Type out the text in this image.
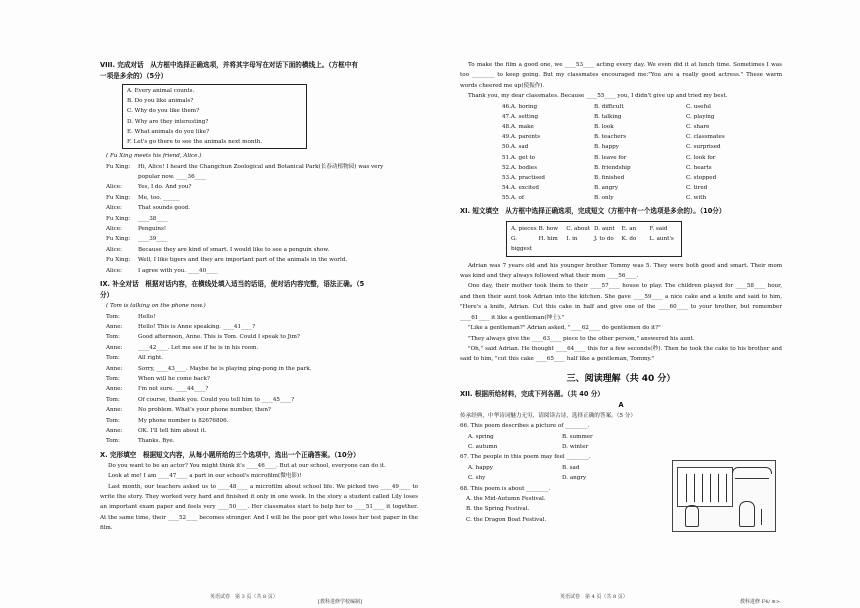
VIII. 完成对话　从方框中选择正确选项，并将其字母写在对话下面的横线上。（方框中有
一项是多余的）（5分）
A. Every animal counts.
B. Do you like animals?
C. Why do you like them?
D. Why are they interesting?
E. What animals do you like?
F. Let's go there to see the animals next month.
( Fu Xing meets his friend, Alice.)
Fu Xing:	Hi, Alice! I heard the Changchun Zoological and Botanical Park(长春动植物园) was very
popular now. ____36____
Alice:	Yes, I do. And you?
Fu Xing:	Me, too. ______
Alice:	That sounds good.
Fu Xing:	____38____
Alice:	Penguins!
Fu Xing:	____39____
Alice:	Because they are kind of smart. I would like to see a penguin show.
Fu Xing:	Well, I like tigers and they are important part of the animals in the world.
Alice:	I agree with you. ____40____
IX. 补全对话　根据对话内容，在横线处填入适当的话语，使对话内容完整，语法正确。（5
分）
( Tom is talking on the phone now.)
Tom:	Hello!
Anne:	Hello! This is Anne speaking. ____41____?
Tom:	Good afternoon, Anne. This is Tom. Could I speak to Jim?
Anne:	____42____. Let me see if he is in his room.
Tom:	All right.
Anne:	Sorry, ____43____. Maybe he is playing ping-pong in the park.
Tom:	When will he come back?
Anne:	I'm not sure. ____44____?
Tom:	Of course, thank you. Could you tell him to ____45____?
Anne:	No problem. What's your phone number, then?
Tom:	My phone number is 82676806.
Anne:	OK. I'll tell him about it.
Tom:	Thanks. Bye.
X. 完形填空　根据短文内容，从每小题所给的三个选项中，选出一个正确答案。（10分）
Do you want to be an actor? You might think it's ____46____. But at our school, everyone can do it.
Look at me! I am ____47____ a part in our school's microfilm(微电影)!
Last month, our teachers asked us to ____48____ a microfilm about school life. We picked two ____49____ to write the story. They worked very hard and finished it only in one week. In the story a student called Lily loses an important exam paper and feels very ____50____. Her classmates start to help her to ____51____ it together. At the same time, their ____52____ becomes stronger. And I will be the poor girl who loses her test paper in the film.
英语试卷　第 3 页（共 8 页）
[教科进修学校编制]
To make the film a good one, we ____53____ acting every day. We even did it at lunch time. Sometimes I was too ________ to keep going. But my classmates encouraged me:"You are a really good actress." These warm words cheered me up(使振作).
Thank you, my dear classmates. Because ____55____ you, I didn't give up and tried my best.
46.A. boring	B. difficult	C. useful
47.A. setting	B. talking	C. playing
48.A. make	B. look	C. share
49.A. parents	B. teachers	C. classmates
50.A. sad	B. happy	C. surprised
51.A. get to	B. leave for	C. look for
52.A. bodies	B. friendship	C. hearts
53.A. practised	B. finished	C. stopped
54.A. excited	B. angry	C. tired
55.A. of	B. only	C. with
XI. 短文填空　从方框中选择正确选项，完成短文（方框中有一个选项是多余的）。（10分）
A. pieces B. how	C. about D. aunt	E. an	F. said
G. biggest
H. him	I. in	J. to do	K. do	L. aunt's
Adrian was 7 years old and his younger brother Tommy was 5. They were both good and smart. Their mom was kind and they always followed what their mom ____56____.
One day, their mother took them to their ____57____ house to play. The children played for ____58____ hour, and then their aunt took Adrian into the kitchen. She gave ____59____ a nice cake and a knife and said to him, "Here's a knife, Adrian. Cut this cake in half and give one of the ____60____ to your brother, but remember ____61____ it like a gentleman(绅士)."
"Like a gentleman?" Adrian asked, "____62____ do gentlemen do it?"
"They always give the ____63____ piece to the other person," answered his aunt.
"Oh," said Adrian. He thought ____64____ this for a few seconds(秒). Then he took the cake to his brother and said to him, "cut this cake ____65____ half like a gentleman, Tommy."
三、阅读理解（共 40 分）
XII. 根据所给材料，完成下列各题。（共 40 分）
A
传承经典，中华诗词魅力无穷，请阅读古诗，选择正确的答案。（5 分）
66. This poem describes a picture of ________.
A. spring	B. summer
C. autumn	D. winter
67. The people in this poem may feel ________.
A. happy	B. sad
C. shy	D. angry
68. This poem is about ________.
A. the Mid-Autumn Festival.
B. the Spring Festival.
C. the Dragon Boat Festival.
英语试卷　第 4 页（共 8 页）
教科进修 F4/ ≋>.
